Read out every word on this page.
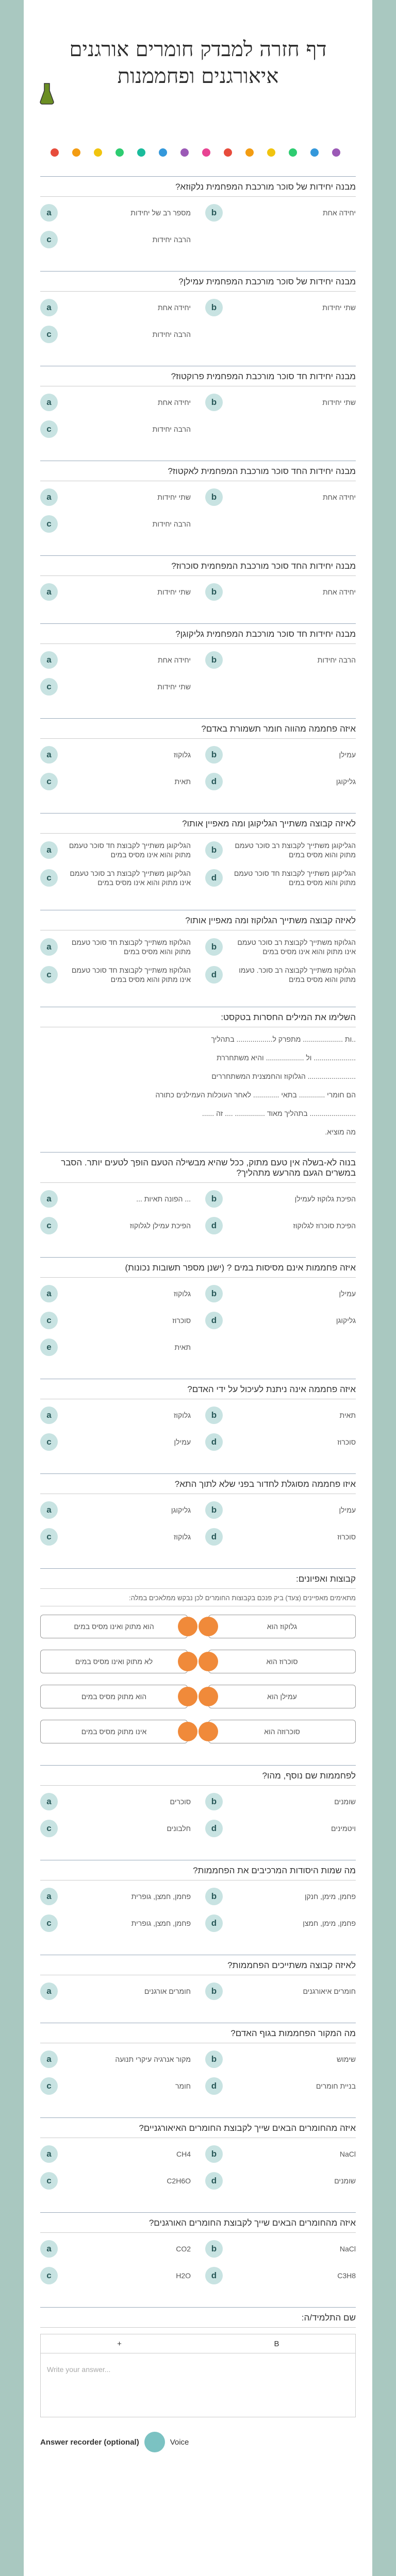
דף חזרה למבדק חומרים אורגנים איאורגנים ופחממנות
מבנה יחידות של סוכר מורכבת המפחמית נלקוזא?
a	מספר רב של יחידות	b	יחידה אחת
c	הרבה יחידות
מבנה יחידות של סוכר מורכבת המפחמית עמילן?
a	יחידה אחת	b	שתי יחידות
c	הרבה יחידות
מבנה יחידות חד סוכר מורכבת המפחמית פרוקטוז?
a	יחידה אחת	b	שתי יחידות
c	הרבה יחידות
מבנה יחידות החד סוכר מורכבת המפחמית לאקטוז?
a	שתי יחידות	b	יחידה אחת
c	הרבה יחידות
מבנה יחידות החד סוכר מורכבת המפחמית סוכרוז?
a	שתי יחידות	b	יחידה אחת
מבנה יחידות חד סוכר מורכבת המפחמית גליקוגן?
a	יחידה אחת	b	הרבה יחידות
c	שתי יחידות
איזה פחממה מהווה חומר תשמורת באדם?
a	גלוקוז	b	עמילן
c	תאית	d	גליקוגן
לאיזה קבוצה משתייך הגליקוגן ומה מאפיין אותו?
a	הגליקוגן משתייך לקבוצת חד סוכר טעמם מתוק והוא אינו מסיס במים	b	הגליקוגן משתייך לקבוצת רב סוכר טעמם מתוק והוא מסיס במים
c	הגליקוגן משתייך לקבוצת רב סוכר טעמם אינו מתוק והוא אינו מסיס במים	d	הגליקוגן משתייך לקבוצת חד סוכר טעמם מתוק והוא מסיס במים
לאיזה קבוצה משתייך הגלוקוז ומה מאפיין אותו?
a	הגלוקוז משתייך לקבוצת חד סוכר טעמם מתוק והוא מסיס במים	b	הגלוקוז משתייך לקבוצת רב סוכר טעמם אינו מתוק והוא אינו מסיס במים
c	הגלוקוז משתייך לקבוצת חד סוכר טעמם אינו מתוק והוא מסיס במים	d	הגלוקוז משתייך לקבוצה רב סוכר. טעמו מתוק והוא מסיס במים
השלימו את המילים החסרות בטקסט:

..ות .................... מתפרק ל.................. בתהליך

..................... ול ................... והיא משתחררת

........................ הגלוקוז והחמצנית המשתחררים

הם חומרי ............. בתאי ............. לאחר העוכלות העמילנים כתורה

....................... בתהליך מאוד ............... .... זה ......

מה מוציא.

בנוה לא-בשלה אין טעם מתוק, ככל שהיא מבשילה הטעם הופך לטעים יותר. הסבר במשרים הגעם מהרעש מתהליך?
a	... הפונה תאיות ...	b	הפיכת גלוקוז לעמילן
c	הפיכת עמילן לגלוקוז	d	הפיכת סוכרוז לגלוקוז
איזה פחממות אינם מסיסות במים ? (ישנן מספר תשובות נכונות)
a	גלוקוז	b	עמילן
c	סוכרוז	d	גליקוגן
e	תאית
איזה פחממה אינה ניתנת לעיכול על ידי האדם?
a	גלוקוז	b	תאית
c	עמילן	d	סוכרוז
איזו פחממה מסוגלת לחדור בפני שלא לתוך התא?
a	גליקוגן	b	עמילן
c	גלוקוז	d	סוכרוז
קבוצות ואפיונים:
מתאימים מאפיינים (צעד) ביק פנכם בקבוצות החומרים לכן נבקש ממלאכים במלה:
הוא מתוק ואינו מסיס במים	גלוקוז הוא
לא מתוק ואינו מסיס במים	סוכרוז הוא
הוא מתוק מסיס במים	עמילן הוא
אינו מתוק מסיס במים	סוכרוזה הוא
לפחממות שם נוסף, מהו?
a	סוכרים	b	שומנים
c	חלבונים	d	ויטמינים
מה שמות היסודות המרכיבים את הפחממות?
a	פחמן, חמצן, גופרית	b	פחמן, מימן, חנקן
c	פחמן, חמצן, גופרית	d	פחמן, מימן, חמצן
לאיזה קבוצה משתייכים הפחממות?
a	חומרים אורגנים	b	חומרים איאורגנים
מה המקור הפחממות בגוף האדם?
a	מקור אנרגיה עיקרי תנועה	b	שימוש
c	חומר	d	בניית חומרים
איזה מהחומרים הבאים שייך לקבוצת החומרים האיאורגניים?
a	CH4	b	NaCl
c	C2H6O	d	שומנים
איזה מהחומרים הבאים שייך לקבוצת החומרים האורגנים?
a	CO2	b	NaCl
c	H2O	d	C3H8
שם התלמיד/ה:
+	B
Write your answer...
Answer recorder (optional)	Voice
